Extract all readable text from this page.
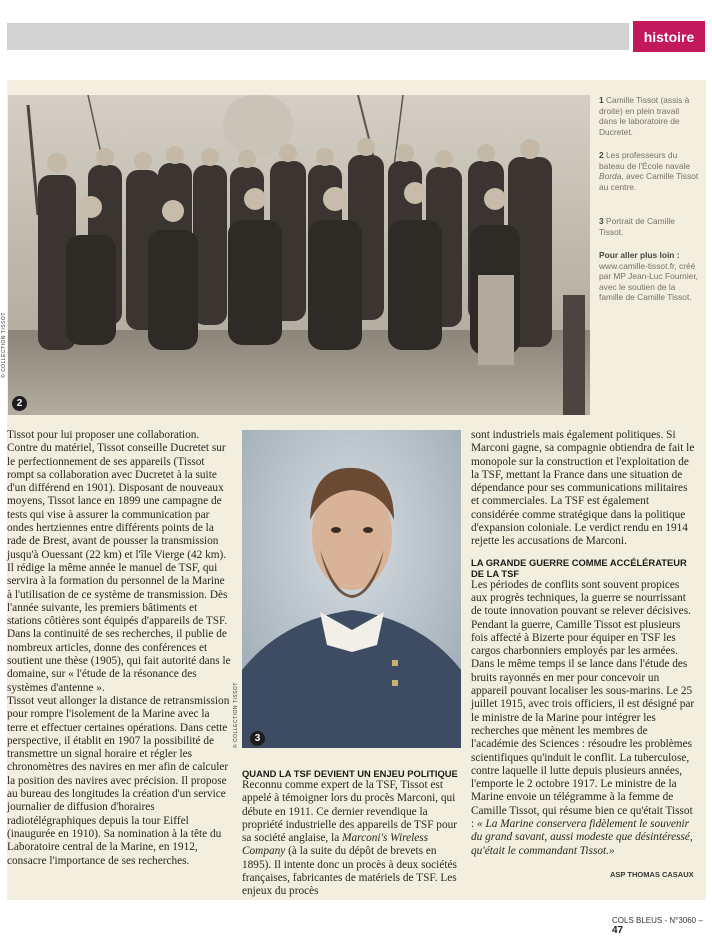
histoire
2
© COLLECTION TISSOT
1 Camille Tissot (assis à droite) en plein travail dans le laboratoire de Ducretet.
2 Les professeurs du bateau de l'École navale Borda, avec Camille Tissot au centre.
3 Portrait de Camille Tissot.
Pour aller plus loin :
www.camille-tissot.fr, créé par MP Jean-Luc Fournier, avec le soutien de la famille de Camille Tissot.

Tissot pour lui proposer une collaboration. Contre du matériel, Tissot conseille Ducretet sur le perfectionnement de ses appareils (Tissot rompt sa collaboration avec Ducretet à la suite d'un différend en 1901). Disposant de nouveaux moyens, Tissot lance en 1899 une campagne de tests qui vise à assurer la communication par ondes hertziennes entre différents points de la rade de Brest, avant de pousser la transmission jusqu'à Ouessant (22 km) et l'île Vierge (42 km). Il rédige la même année le manuel de TSF, qui servira à la formation du personnel de la Marine à l'utilisation de ce système de transmission. Dès l'année suivante, les premiers bâtiments et stations côtières sont équipés d'appareils de TSF. Dans la continuité de ses recherches, il publie de nombreux articles, donne des conférences et soutient une thèse (1905), qui fait autorité dans le domaine, sur « l'étude de la résonance des systèmes d'antenne ».

Tissot veut allonger la distance de retransmission pour rompre l'isolement de la Marine avec la terre et effectuer certaines opérations. Dans cette perspective, il établit en 1907 la possibilité de transmettre un signal horaire et régler les chronomètres des navires en mer afin de calculer la position des navires avec précision. Il propose au bureau des longitudes la création d'un service journalier de diffusion d'horaires radiotélégraphiques depuis la tour Eiffel (inaugurée en 1910). Sa nomination à la tête du Laboratoire central de la Marine, en 1912, consacre l'importance de ses recherches.

3
© COLLECTION TISSOT
QUAND LA TSF DEVIENT UN ENJEU POLITIQUE

Reconnu comme expert de la TSF, Tissot est appelé à témoigner lors du procès Marconi, qui débute en 1911. Ce dernier revendique la propriété industrielle des appareils de TSF pour sa société anglaise, la Marconi's Wireless Company (à la suite du dépôt de brevets en 1895). Il intente donc un procès à deux sociétés françaises, fabricantes de matériels de TSF. Les enjeux du procès

sont industriels mais également politiques. Si Marconi gagne, sa compagnie obtiendra de fait le monopole sur la construction et l'exploitation de la TSF, mettant la France dans une situation de dépendance pour ses communications militaires et commerciales. La TSF est également considérée comme stratégique dans la politique d'expansion coloniale. Le verdict rendu en 1914 rejette les accusations de Marconi.

LA GRANDE GUERRE COMME ACCÉLÉRATEUR DE LA TSF

Les périodes de conflits sont souvent propices aux progrès techniques, la guerre se nourrissant de toute innovation pouvant se relever décisives. Pendant la guerre, Camille Tissot est plusieurs fois affecté à Bizerte pour équiper en TSF les cargos charbonniers employés par les armées. Dans le même temps il se lance dans l'étude des bruits rayonnés en mer pour concevoir un appareil pouvant localiser les sous-marins. Le 25 juillet 1915, avec trois officiers, il est désigné par le ministre de la Marine pour intégrer les recherches que mènent les membres de l'académie des Sciences : résoudre les problèmes scientifiques qu'induit le conflit. La tuberculose, contre laquelle il lutte depuis plusieurs années, l'emporte le 2 octobre 1917. Le ministre de la Marine envoie un télégramme à la femme de Camille Tissot, qui résume bien ce qu'était Tissot : « La Marine conservera fidèlement le souvenir du grand savant, aussi modeste que désintéressé, qu'était le commandant Tissot.»

ASP THOMAS CASAUX
COLS BLEUS - N°3060 – 47
